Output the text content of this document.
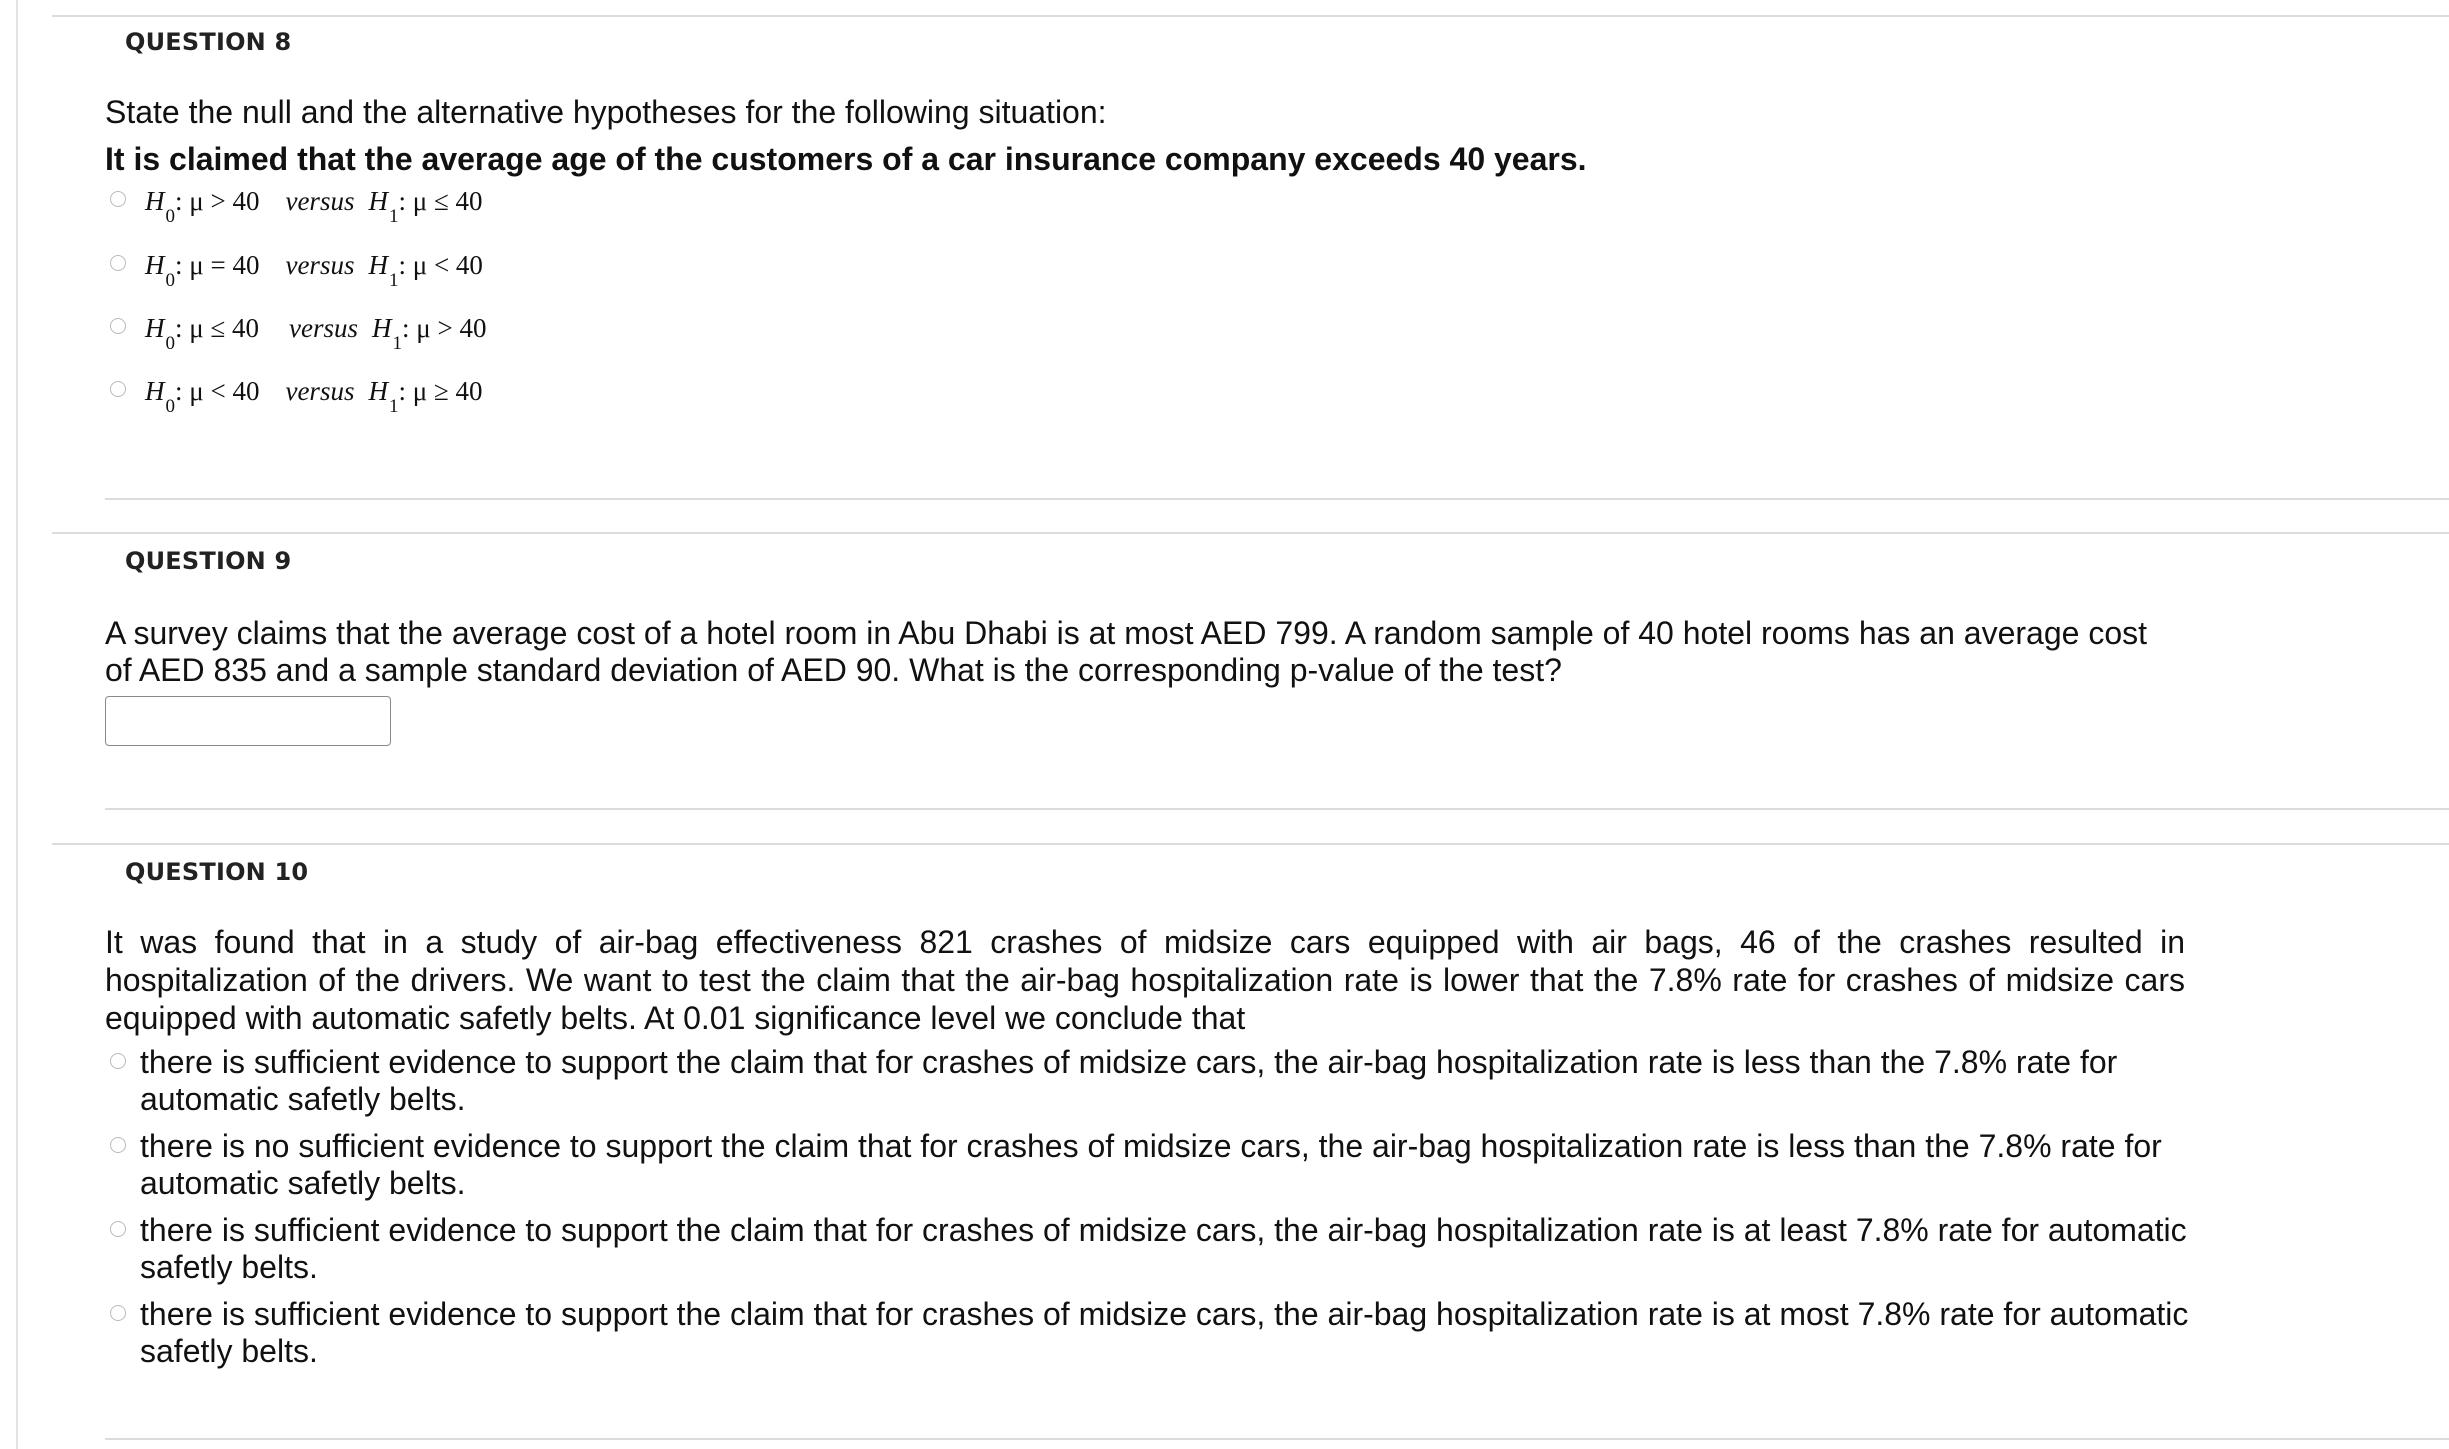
QUESTION 8
State the null and the alternative hypotheses for the following situation:
It is claimed that the average age of the customers of a car insurance company exceeds 40 years.
H
0
: μ > 40 versus H
1
: μ ≤ 40
H
0
: μ = 40 versus H
1
: μ < 40
H
0
: μ ≤ 40 versus H
1
: μ > 40
H
0
: μ < 40 versus H
1
: μ ≥ 40
QUESTION 9
A survey claims that the average cost of a hotel room in Abu Dhabi is at most AED 799. A random sample of 40 hotel rooms has an average cost
of AED 835 and a sample standard deviation of AED 90. What is the corresponding p-value of the test?
QUESTION 10
It was found that in a study of air-bag effectiveness 821 crashes of midsize cars equipped with air bags, 46 of the crashes resulted in hospitalization of the drivers. We want to test the claim that the air-bag hospitalization rate is lower that the 7.8% rate for crashes of midsize cars equipped with automatic safetly belts. At 0.01 significance level we conclude that
there is sufficient evidence to support the claim that for crashes of midsize cars, the air-bag hospitalization rate is less than the 7.8% rate for automatic safetly belts.
there is no sufficient evidence to support the claim that for crashes of midsize cars, the air-bag hospitalization rate is less than the 7.8% rate for automatic safetly belts.
there is sufficient evidence to support the claim that for crashes of midsize cars, the air-bag hospitalization rate is at least 7.8% rate for automatic safetly belts.
there is sufficient evidence to support the claim that for crashes of midsize cars, the air-bag hospitalization rate is at most 7.8% rate for automatic safetly belts.
